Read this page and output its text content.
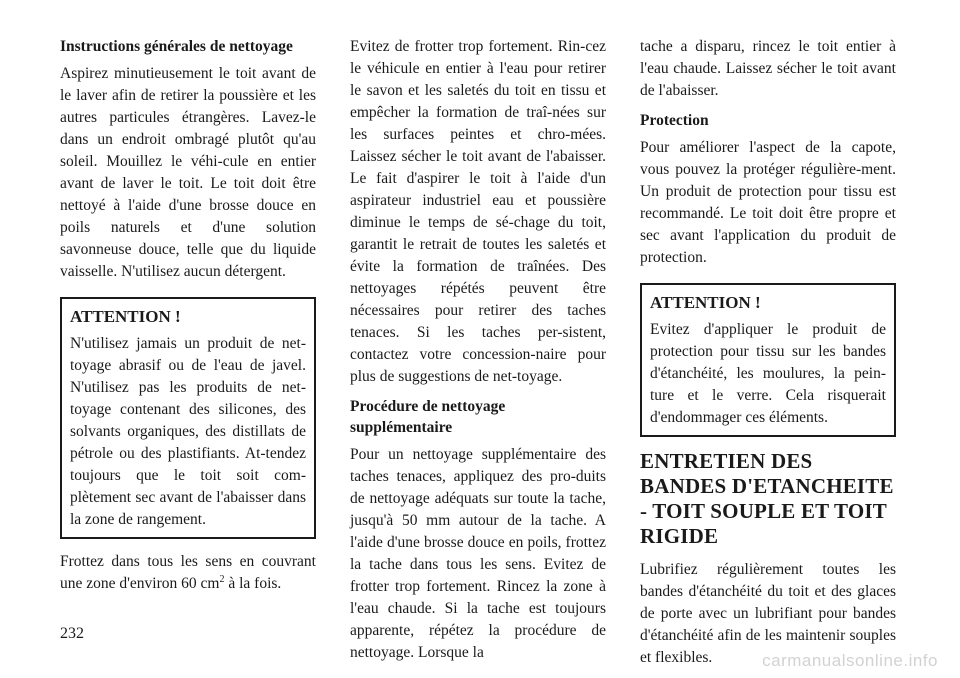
Instructions générales de nettoyage

Aspirez minutieusement le toit avant de le laver afin de retirer la poussière et les autres particules étrangères. Lavez-le dans un endroit ombragé plutôt qu'au soleil. Mouillez le véhi-cule en entier avant de laver le toit. Le toit doit être nettoyé à l'aide d'une brosse douce en poils naturels et d'une solution savonneuse douce, telle que du liquide vaisselle. N'utilisez aucun détergent.

ATTENTION !

N'utilisez jamais un produit de net-toyage abrasif ou de l'eau de javel. N'utilisez pas les produits de net-toyage contenant des silicones, des solvants organiques, des distillats de pétrole ou des plastifiants. At-tendez toujours que le toit soit com-plètement sec avant de l'abaisser dans la zone de rangement.

Frottez dans tous les sens en couvrant une zone d'environ 60 $cm^2$ à la fois.

Evitez de frotter trop fortement. Rin-cez le véhicule en entier à l'eau pour retirer le savon et les saletés du toit en tissu et empêcher la formation de traî-nées sur les surfaces peintes et chro-mées. Laissez sécher le toit avant de l'abaisser. Le fait d'aspirer le toit à l'aide d'un aspirateur industriel eau et poussière diminue le temps de sé-chage du toit, garantit le retrait de toutes les saletés et évite la formation de traînées. Des nettoyages répétés peuvent être nécessaires pour retirer des taches tenaces. Si les taches per-sistent, contactez votre concession-naire pour plus de suggestions de net-toyage.

Procédure de nettoyage supplémentaire

Pour un nettoyage supplémentaire des taches tenaces, appliquez des pro-duits de nettoyage adéquats sur toute la tache, jusqu'à 50 mm autour de la tache. A l'aide d'une brosse douce en poils, frottez la tache dans tous les sens. Evitez de frotter trop fortement. Rincez la zone à l'eau chaude. Si la tache est toujours apparente, répétez la procédure de nettoyage. Lorsque la

tache a disparu, rincez le toit entier à l'eau chaude. Laissez sécher le toit avant de l'abaisser.

Protection

Pour améliorer l'aspect de la capote, vous pouvez la protéger régulière-ment. Un produit de protection pour tissu est recommandé. Le toit doit être propre et sec avant l'application du produit de protection.

ATTENTION !

Evitez d'appliquer le produit de protection pour tissu sur les bandes d'étanchéité, les moulures, la pein-ture et le verre. Cela risquerait d'endommager ces éléments.

ENTRETIEN DES BANDES D'ETANCHEITE - TOIT SOUPLE ET TOIT RIGIDE

Lubrifiez régulièrement toutes les bandes d'étanchéité du toit et des glaces de porte avec un lubrifiant pour bandes d'étanchéité afin de les maintenir souples et flexibles.

232
carmanualsonline.info
